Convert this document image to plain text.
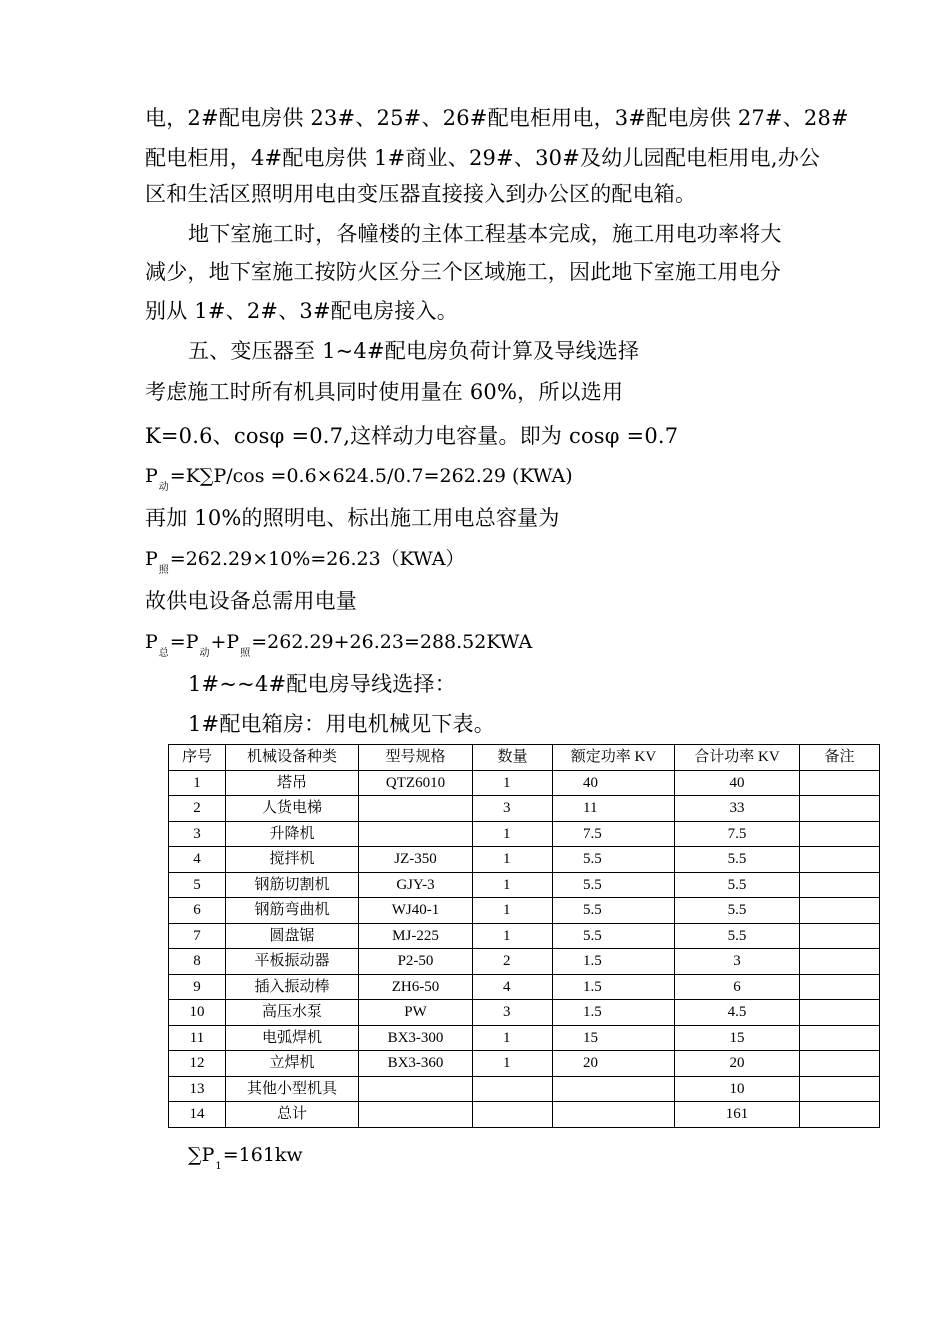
电，2#配电房供 23#、25#、26#配电柜用电，3#配电房供 27#、28#
配电柜用，4#配电房供 1#商业、29#、30#及幼儿园配电柜用电,办公
区和生活区照明用电由变压器直接接入到办公区的配电箱。
地下室施工时，各幢楼的主体工程基本完成，施工用电功率将大
减少，地下室施工按防火区分三个区域施工，因此地下室施工用电分
别从 1#、2#、3#配电房接入。
五、变压器至 1~4#配电房负荷计算及导线选择
考虑施工时所有机具同时使用量在 60%，所以选用
K=0.6、cosφ =0.7,这样动力电容量。即为 cosφ =0.7
$P_动=K\sum P/\cos =0.6\times 624.5/0.7=262.29$ (KWA)
再加 10%的照明电、标出施工用电总容量为
$P_照=262.29\times 10\%=26.23(KWA)$
故供电设备总需用电量
$P_总=P_动+P_照=262.29+26.23=288.52KWA$
1#~~4#配电房导线选择：
1#配电箱房：用电机械见下表。
序号	机械设备种类	型号规格	数量	额定功率 KV	合计功率 KV	备注
1	塔吊	QTZ6010	1	40	40	
2	人货电梯		3	11	33	
3	升降机		1	7.5	7.5	
4	搅拌机	JZ-350	1	5.5	5.5	
5	钢筋切割机	GJY-3	1	5.5	5.5	
6	钢筋弯曲机	WJ40-1	1	5.5	5.5	
7	圆盘锯	MJ-225	1	5.5	5.5	
8	平板振动器	P2-50	2	1.5	3	
9	插入振动棒	ZH6-50	4	1.5	6	
10	高压水泵	PW	3	1.5	4.5	
11	电弧焊机	BX3-300	1	15	15	
12	立焊机	BX3-360	1	20	20	
13	其他小型机具				10	
14	总计				161	
$\sum P_1=161kw$
